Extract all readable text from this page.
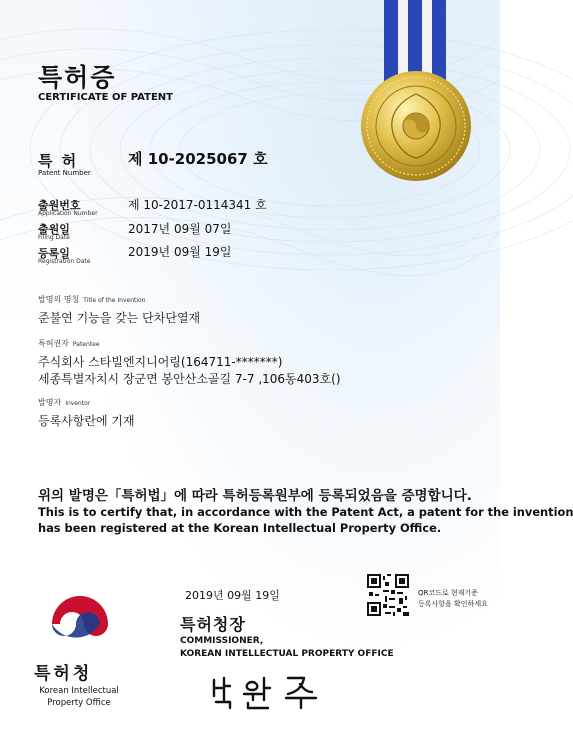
특허증
CERTIFICATE OF PATENT
특 허
Patent Number
제 10-2025067 호
출원번호
Application Number
제 10-2017-0114341 호
출원일
Filing Date
2017년 09월 07일
등록일
Registration Date
2019년 09월 19일
발명의 명칭 Title of the Invention
준불연 기능을 갖는 단차단열재
특허권자 Patentee
주식회사 스타빌엔지니어링(164711-*******)
세종특별자치시 장군면 봉안산소골길 7-7 ,106동403호()
발명자 Inventor
등록사항란에 기재
위의 발명은「특허법」에 따라 특허등록원부에 등록되었음을 증명합니다.
This is to certify that, in accordance with the Patent Act, a patent for the invention
has been registered at the Korean Intellectual Property Office.
2019년 09월 19일
특허청장
COMMISSIONER,
KOREAN INTELLECTUAL PROPERTY OFFICE
특허청
Korean Intellectual
Property Office
QR코드로 현재기준
등록사항을 확인하세요
